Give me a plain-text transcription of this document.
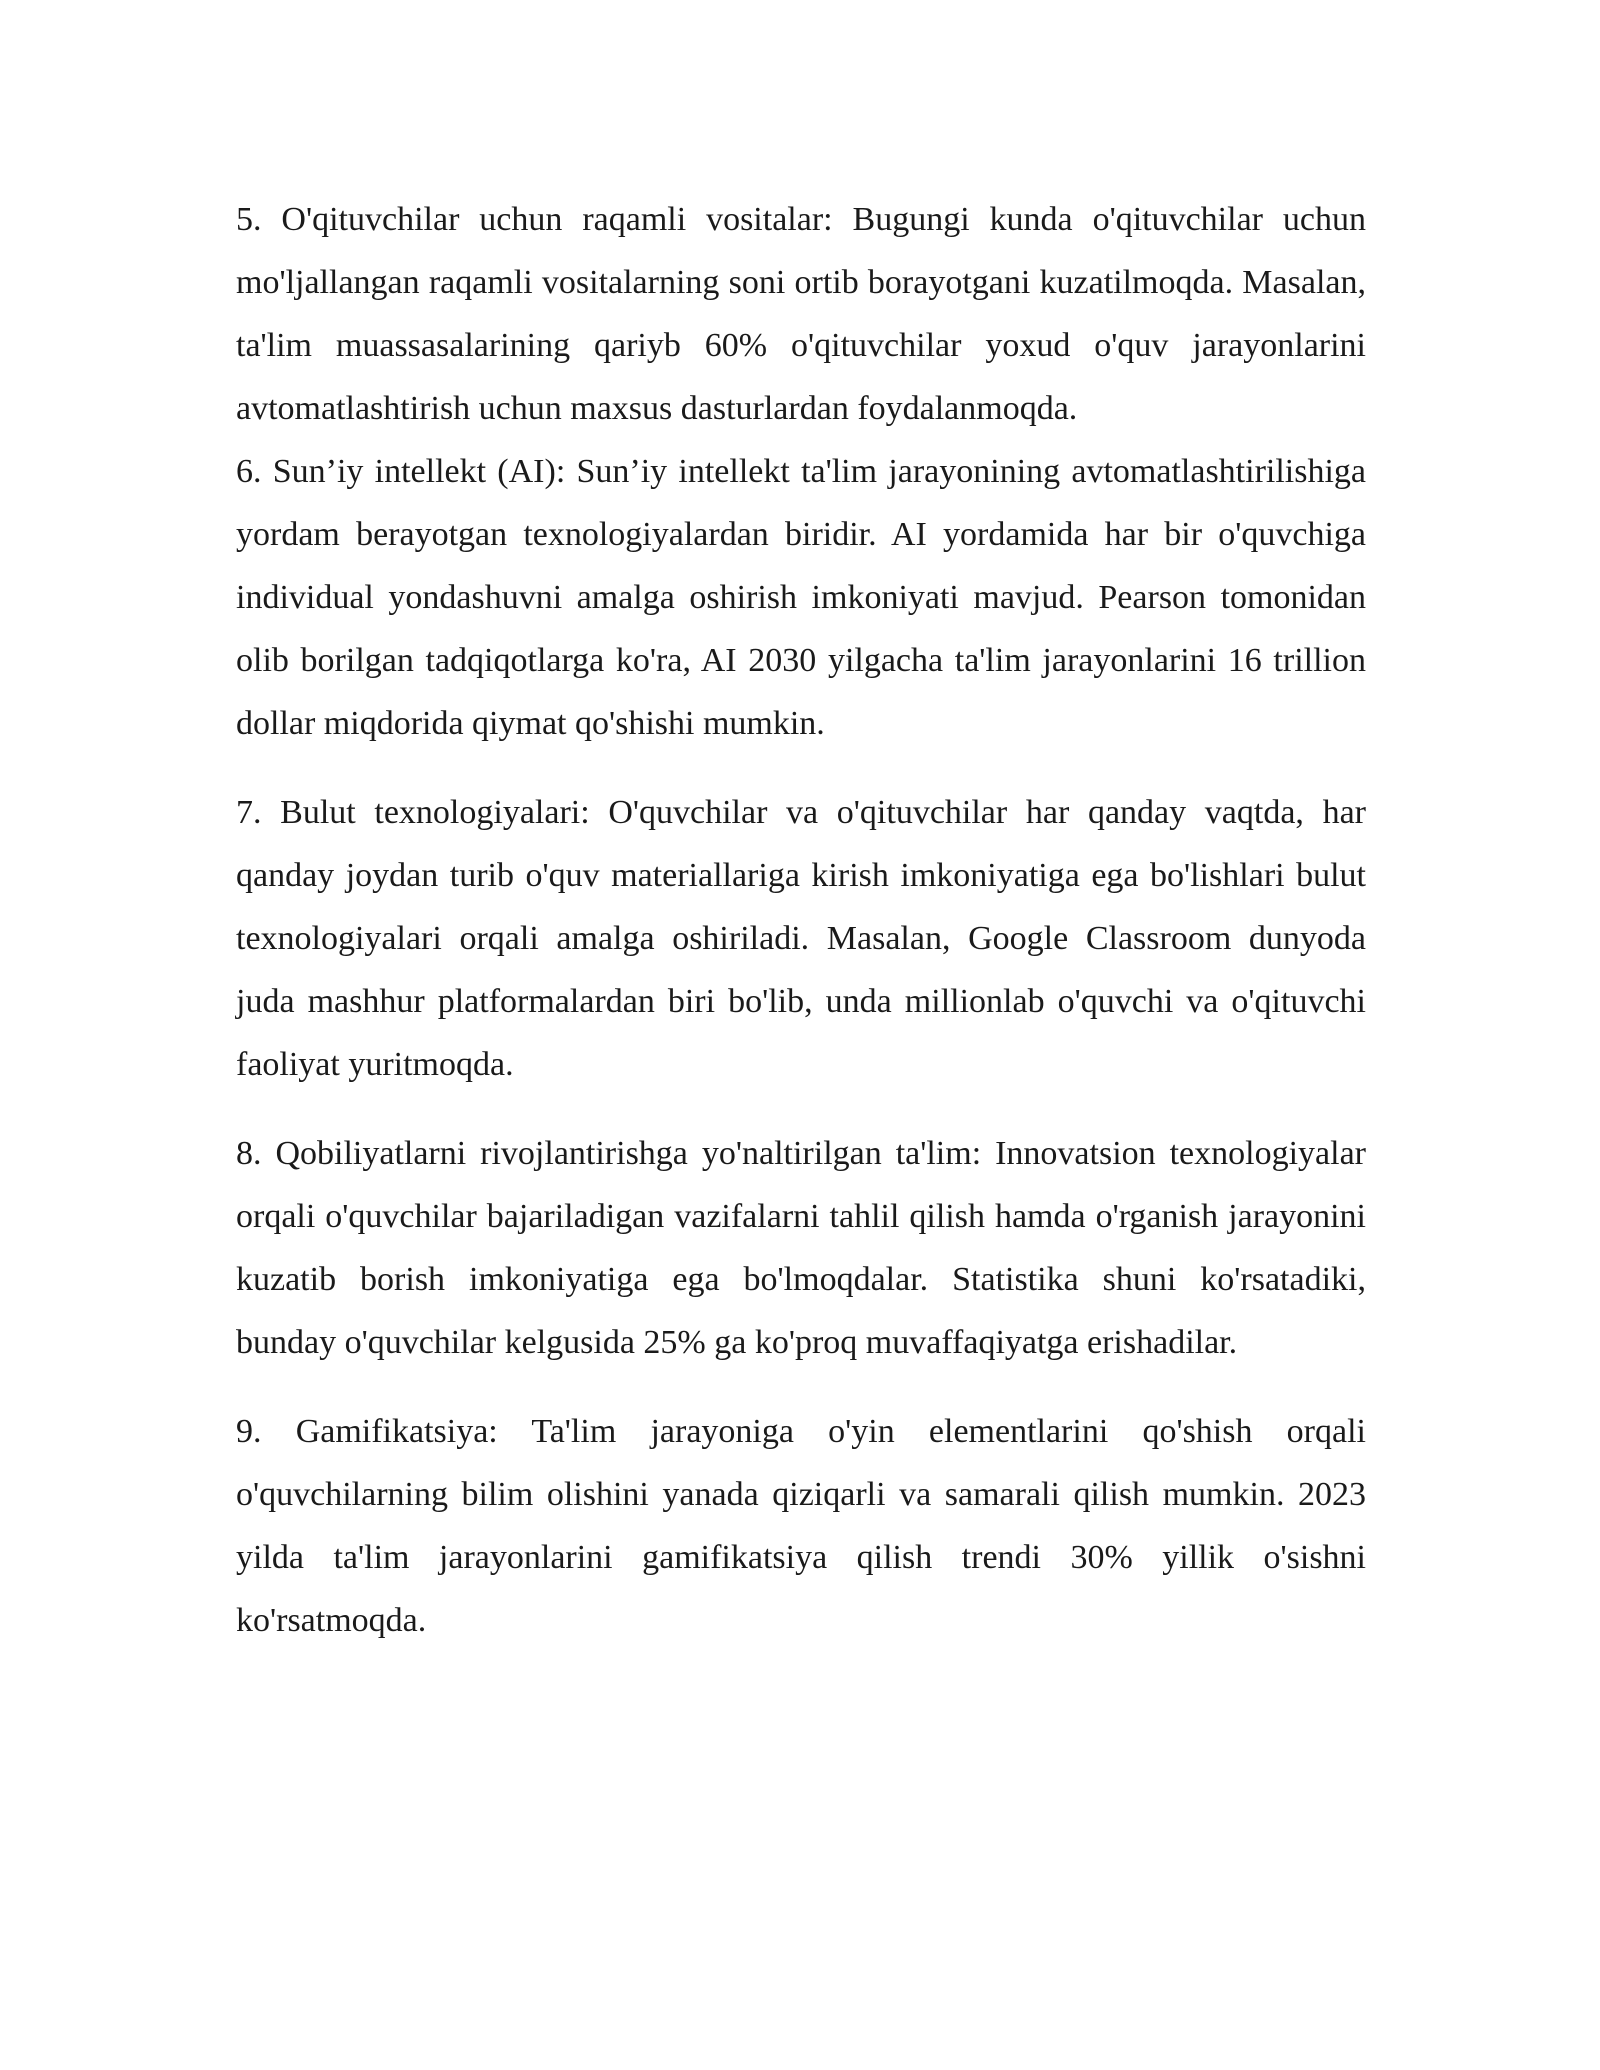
5. O'qituvchilar uchun raqamli vositalar: Bugungi kunda o'qituvchilar uchun mo'ljallangan raqamli vositalarning soni ortib borayotgani kuzatilmoqda. Masalan, ta'lim muassasalarining qariyb 60% o'qituvchilar yoxud o'quv jarayonlarini avtomatlashtirish uchun maxsus dasturlardan foydalanmoqda.
6. Sun’iy intellekt (AI): Sun’iy intellekt ta'lim jarayonining avtomatlashtirilishiga yordam berayotgan texnologiyalardan biridir. AI yordamida har bir o'quvchiga individual yondashuvni amalga oshirish imkoniyati mavjud. Pearson tomonidan olib borilgan tadqiqotlarga ko'ra, AI 2030 yilgacha ta'lim jarayonlarini 16 trillion dollar miqdorida qiymat qo'shishi mumkin.

7. Bulut texnologiyalari: O'quvchilar va o'qituvchilar har qanday vaqtda, har qanday joydan turib o'quv materiallariga kirish imkoniyatiga ega bo'lishlari bulut texnologiyalari orqali amalga oshiriladi. Masalan, Google Classroom dunyoda juda mashhur platformalardan biri bo'lib, unda millionlab o'quvchi va o'qituvchi faoliyat yuritmoqda.

8. Qobiliyatlarni rivojlantirishga yo'naltirilgan ta'lim: Innovatsion texnologiyalar orqali o'quvchilar bajariladigan vazifalarni tahlil qilish hamda o'rganish jarayonini kuzatib borish imkoniyatiga ega bo'lmoqdalar. Statistika shuni ko'rsatadiki, bunday o'quvchilar kelgusida 25% ga ko'proq muvaffaqiyatga erishadilar.

9. Gamifikatsiya: Ta'lim jarayoniga o'yin elementlarini qo'shish orqali o'quvchilarning bilim olishini yanada qiziqarli va samarali qilish mumkin. 2023 yilda ta'lim jarayonlarini gamifikatsiya qilish trendi 30% yillik o'sishni ko'rsatmoqda.
